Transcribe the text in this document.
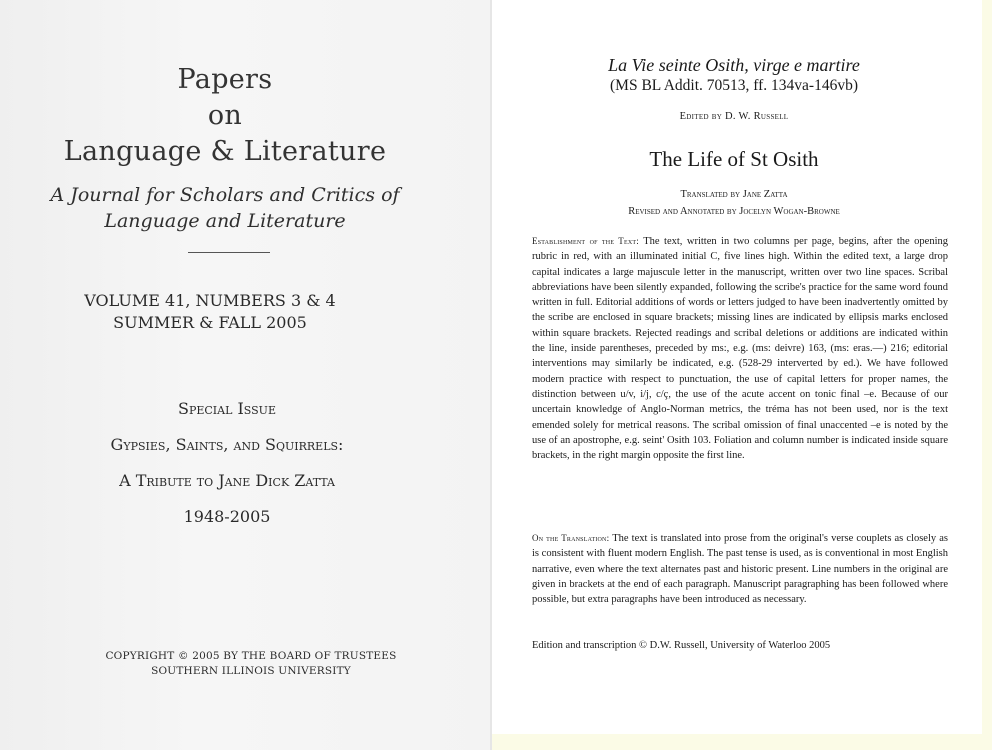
Papers
on
Language & Literature
A Journal for Scholars and Critics of
Language and Literature
VOLUME 41, NUMBERS 3 & 4
SUMMER & FALL 2005
Special Issue
Gypsies, Saints, and Squirrels:
A Tribute to Jane Dick Zatta
1948-2005
COPYRIGHT © 2005 BY THE BOARD OF TRUSTEES
SOUTHERN ILLINOIS UNIVERSITY
La Vie seinte Osith, virge e martire
(MS BL Addit. 70513, ff. 134va-146vb)
Edited by D. W. Russell
The Life of St Osith
Translated by Jane Zatta
Revised and Annotated by Jocelyn Wogan-Browne

Establishment of the Text: The text, written in two columns per page, begins, after the opening rubric in red, with an illuminated initial C, five lines high. Within the edited text, a large drop capital indicates a large majuscule letter in the manuscript, written over two line spaces. Scribal abbreviations have been silently expanded, following the scribe's practice for the same word found written in full. Editorial additions of words or letters judged to have been inadvertently omitted by the scribe are enclosed in square brackets; missing lines are indicated by ellipsis marks enclosed within square brackets. Rejected readings and scribal deletions or additions are indicated within the line, inside parentheses, preceded by ms:, e.g. (ms: deivre) 163, (ms: eras.—) 216; editorial interventions may similarly be indicated, e.g. (528-29 interverted by ed.). We have followed modern practice with respect to punctuation, the use of capital letters for proper names, the distinction between u/v, i/j, c/ç, the use of the acute accent on tonic final –e. Because of our uncertain knowledge of Anglo-Norman metrics, the tréma has not been used, nor is the text emended solely for metrical reasons. The scribal omission of final unaccented –e is noted by the use of an apostrophe, e.g. seint' Osith 103. Foliation and column number is indicated inside square brackets, in the right margin opposite the first line.

On the Translation: The text is translated into prose from the original's verse couplets as closely as is consistent with fluent modern English. The past tense is used, as is conventional in most English narrative, even where the text alternates past and historic present. Line numbers in the original are given in brackets at the end of each paragraph. Manuscript paragraphing has been followed where possible, but extra paragraphs have been introduced as necessary.

Edition and transcription © D.W. Russell, University of Waterloo 2005
